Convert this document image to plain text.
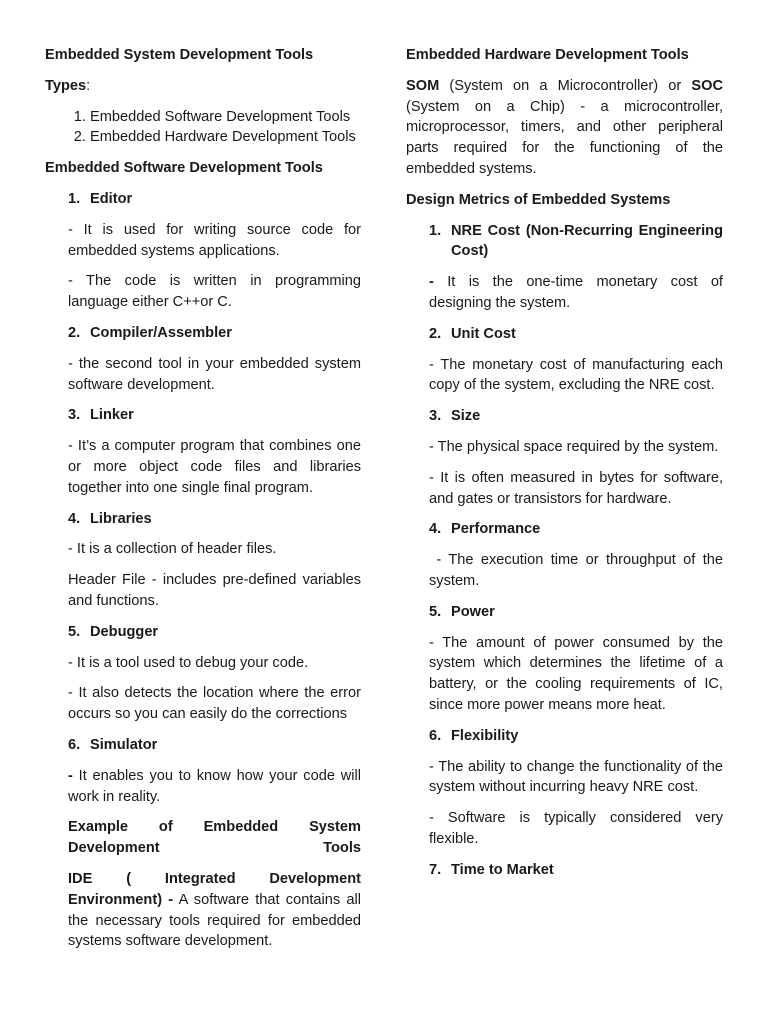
Embedded System Development Tools

Types:

1. Embedded Software Development Tools
2. Embedded Hardware Development Tools
Embedded Software Development Tools
1. Editor

- It is used for writing source code for embedded systems applications.

- The code is written in programming language either C++or C.

2. Compiler/Assembler

- the second tool in your embedded system software development.

3. Linker

- It’s a computer program that combines one or more object code files and libraries together into one single final program.

4. Libraries

- It is a collection of header files.

Header File - includes pre-defined variables and functions.

5. Debugger

- It is a tool used to debug your code.

- It also detects the location where the error occurs so you can easily do the corrections

6. Simulator

- It enables you to know how your code will work in reality.

Example of Embedded System Development Tools

IDE ( Integrated Development Environment) - A software that contains all the necessary tools required for embedded systems software development.

Embedded Hardware Development Tools

SOM (System on a Microcontroller) or SOC (System on a Chip) - a microcontroller, microprocessor, timers, and other peripheral parts required for the functioning of the embedded systems.

Design Metrics of Embedded Systems
1. NRE Cost (Non-Recurring Engineering Cost)

- It is the one-time monetary cost of designing the system.

2. Unit Cost

- The monetary cost of manufacturing each copy of the system, excluding the NRE cost.

3. Size

- The physical space required by the system.

- It is often measured in bytes for software, and gates or transistors for hardware.

4. Performance

- The execution time or throughput of the system.

5. Power

- The amount of power consumed by the system which determines the lifetime of a battery, or the cooling requirements of IC, since more power means more heat.

6. Flexibility

- The ability to change the functionality of the system without incurring heavy NRE cost.

- Software is typically considered very flexible.

7. Time to Market
